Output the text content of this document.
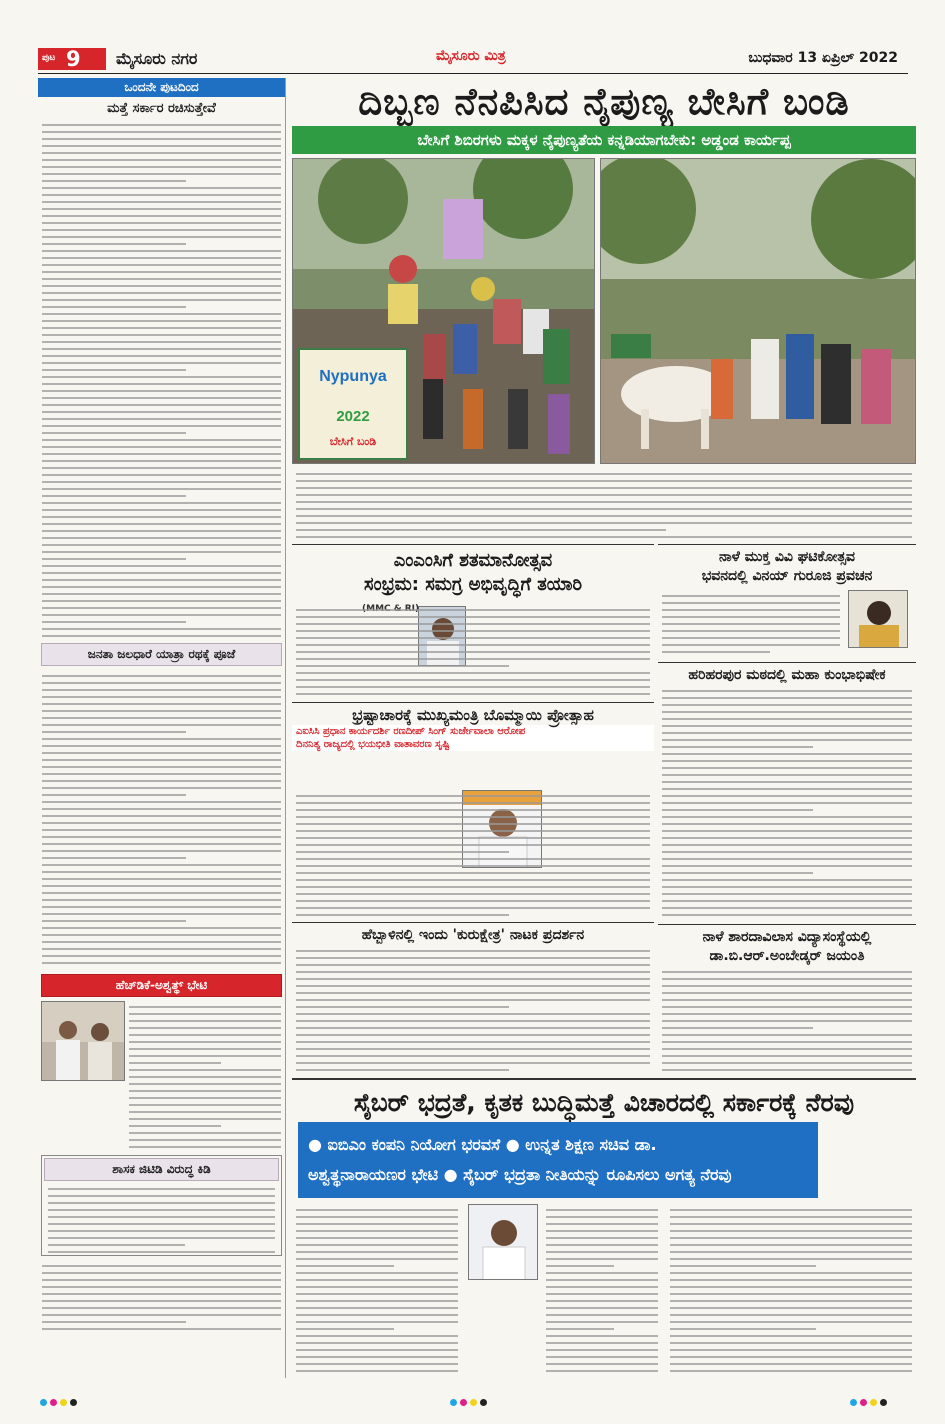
ಪುಟ 9 ಮೈಸೂರು ನಗರ	ಮೈಸೂರು ಮಿತ್ರ	ಬುಧವಾರ 13 ಏಪ್ರಿಲ್ 2022
ಒಂದನೇ ಪುಟದಿಂದ
ಮತ್ತೆ ಸರ್ಕಾರ ರಚಿಸುತ್ತೇವೆ
ಜನತಾ ಜಲಧಾರೆ ಯಾತ್ರಾ ರಥಕ್ಕೆ ಪೂಜೆ
ಹೆಚ್‌ಡಿಕೆ-ಅಶ್ವತ್ಥ್ ಭೇಟಿ
ಶಾಸಕ ಜಿಟಿಡಿ ವಿರುದ್ಧ ಕಿಡಿ
ದಿಬ್ಬಣ ನೆನಪಿಸಿದ ನೈಪುಣ್ಯ ಬೇಸಿಗೆ ಬಂಡಿ
ಬೇಸಿಗೆ ಶಿಬಿರಗಳು ಮಕ್ಕಳ ನೈಪುಣ್ಯತೆಯ ಕನ್ನಡಿಯಾಗಬೇಕು: ಅಡ್ಡಂಡ ಕಾರ್ಯಪ್ಪ
Nypunya
2022
ಬೇಸಿಗೆ ಬಂಡಿ
ಎಂಎಂಸಿಗೆ ಶತಮಾನೋತ್ಸವ
ಸಂಭ್ರಮ: ಸಮಗ್ರ ಅಭಿವೃದ್ಧಿಗೆ ತಯಾರಿ
ನಾಳೆ ಮುಕ್ತ ವಿವಿ ಘಟಿಕೋತ್ಸವ
ಭವನದಲ್ಲಿ ವಿನಯ್ ಗುರೂಜಿ ಪ್ರವಚನ
ಹರಿಹರಪುರ ಮಠದಲ್ಲಿ ಮಹಾ ಕುಂಭಾಭಿಷೇಕ
ಭ್ರಷ್ಟಾಚಾರಕ್ಕೆ ಮುಖ್ಯಮಂತ್ರಿ ಬೊಮ್ಮಾಯಿ ಪ್ರೋತ್ಸಾಹ
ಎಐಸಿಸಿ ಪ್ರಧಾನ ಕಾರ್ಯದರ್ಶಿ ರಣದೀಪ್ ಸಿಂಗ್ ಸುರ್ಜೇವಾಲಾ ಆರೋಪ
ದಿನನಿತ್ಯ ರಾಜ್ಯದಲ್ಲಿ ಭಯಭೀತಿ ವಾತಾವರಣ ಸೃಷ್ಟಿ
ಹೆಬ್ಬಾಳಿನಲ್ಲಿ ಇಂದು 'ಕುರುಕ್ಷೇತ್ರ' ನಾಟಕ ಪ್ರದರ್ಶನ	ನಾಳೆ ಶಾರದಾವಿಲಾಸ ವಿದ್ಯಾಸಂಸ್ಥೆಯಲ್ಲಿ
ಡಾ.ಬಿ.ಆರ್.ಅಂಬೇಡ್ಕರ್ ಜಯಂತಿ
ಸೈಬರ್ ಭದ್ರತೆ, ಕೃತಕ ಬುದ್ಧಿಮತ್ತೆ ವಿಚಾರದಲ್ಲಿ ಸರ್ಕಾರಕ್ಕೆ ನೆರವು
● ಐಬಿಎಂ ಕಂಪನಿ ನಿಯೋಗ ಭರವಸೆ ● ಉನ್ನತ ಶಿಕ್ಷಣ ಸಚಿವ ಡಾ.
ಅಶ್ವತ್ಥನಾರಾಯಣರ ಭೇಟಿ ● ಸೈಬರ್ ಭದ್ರತಾ ನೀತಿಯನ್ನು ರೂಪಿಸಲು ಅಗತ್ಯ ನೆರವು
